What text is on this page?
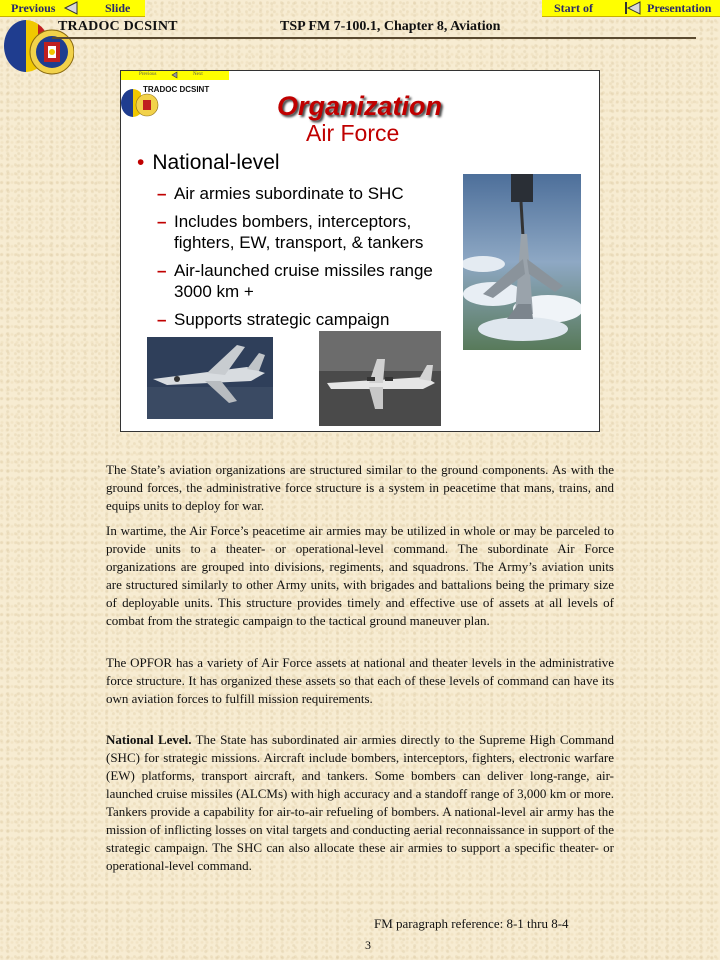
Previous	Slide	Start of	Presentation
TRADOC DCSINT	TSP FM 7-100.1, Chapter 8, Aviation
Previous	Next
TRADOC DCSINT
Organization
Air Force
• National-level
– Air armies subordinate to SHC
– Includes bombers, interceptors, fighters, EW, transport, & tankers
– Air-launched cruise missiles range 3000 km +
– Supports strategic campaign
The State’s aviation organizations are structured similar to the ground components. As with the ground forces, the administrative force structure is a system in peacetime that mans, trains, and equips units to deploy for war.
In wartime, the Air Force’s peacetime air armies may be utilized in whole or may be parceled to provide units to a theater- or operational-level command. The subordinate Air Force organizations are grouped into divisions, regiments, and squadrons. The Army’s aviation units are structured similarly to other Army units, with brigades and battalions being the primary size of deployable units. This structure provides timely and effective use of assets at all levels of combat from the strategic campaign to the tactical ground maneuver plan.
The OPFOR has a variety of Air Force assets at national and theater levels in the administrative force structure. It has organized these assets so that each of these levels of command can have its own aviation forces to fulfill mission requirements.
National Level. The State has subordinated air armies directly to the Supreme High Command (SHC) for strategic missions. Aircraft include bombers, interceptors, fighters, electronic warfare (EW) platforms, transport aircraft, and tankers. Some bombers can deliver long-range, air-launched cruise missiles (ALCMs) with high accuracy and a standoff range of 3,000 km or more. Tankers provide a capability for air-to-air refueling of bombers. A national-level air army has the mission of inflicting losses on vital targets and conducting aerial reconnaissance in support of the strategic campaign. The SHC can also allocate these air armies to support a specific theater- or operational-level command.
FM paragraph reference: 8-1 thru 8-4
3
